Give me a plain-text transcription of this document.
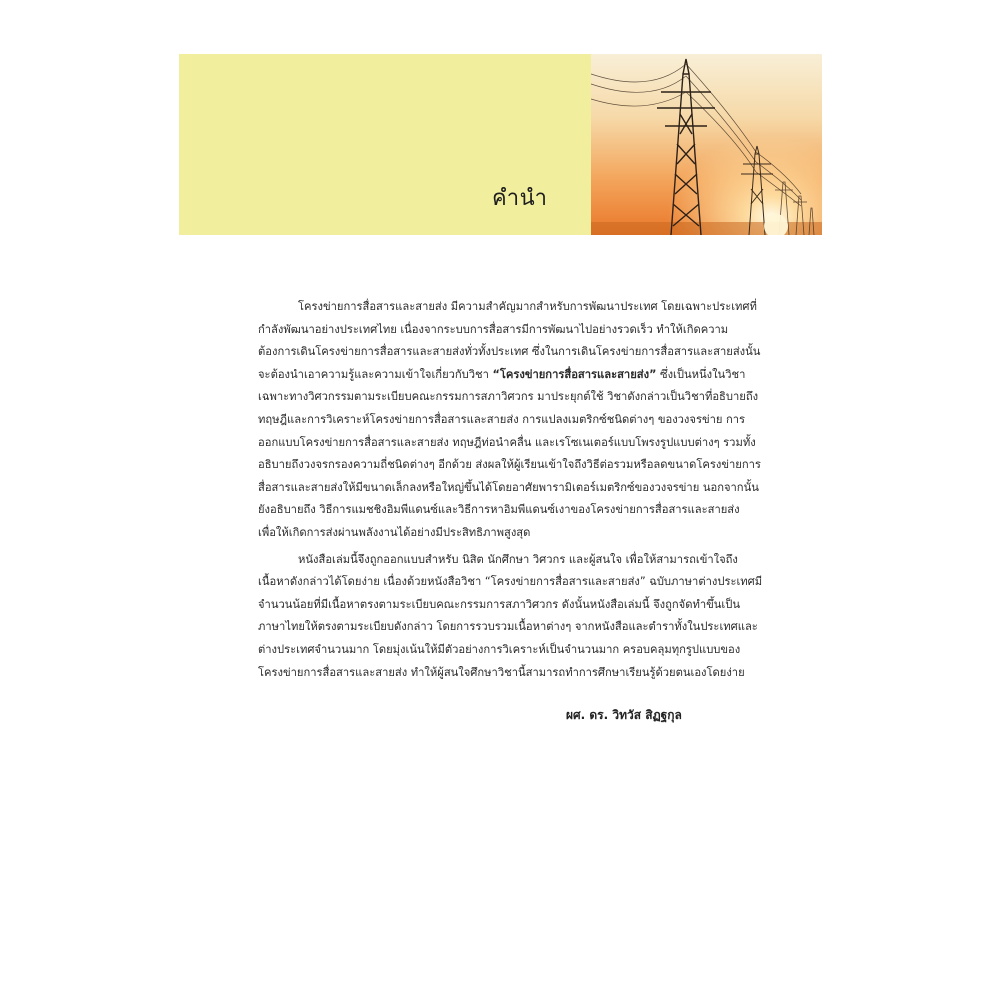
คำนำ

โครงข่ายการสื่อสารและสายส่ง มีความสำคัญมากสำหรับการพัฒนาประเทศ โดยเฉพาะประเทศที่
กำลังพัฒนาอย่างประเทศไทย เนื่องจากระบบการสื่อสารมีการพัฒนาไปอย่างรวดเร็ว ทำให้เกิดความ
ต้องการเดินโครงข่ายการสื่อสารและสายส่งทั่วทั้งประเทศ ซึ่งในการเดินโครงข่ายการสื่อสารและสายส่งนั้น
จะต้องนำเอาความรู้และความเข้าใจเกี่ยวกับวิชา “โครงข่ายการสื่อสารและสายส่ง” ซึ่งเป็นหนึ่งในวิชา
เฉพาะทางวิศวกรรมตามระเบียบคณะกรรมการสภาวิศวกร มาประยุกต์ใช้ วิชาดังกล่าวเป็นวิชาที่อธิบายถึง
ทฤษฎีและการวิเคราะห์โครงข่ายการสื่อสารและสายส่ง การแปลงเมตริกซ์ชนิดต่างๆ ของวงจรข่าย การ
ออกแบบโครงข่ายการสื่อสารและสายส่ง ทฤษฎีท่อนำคลื่น และเรโซเนเตอร์แบบโพรงรูปแบบต่างๆ รวมทั้ง
อธิบายถึงวงจรกรองความถี่ชนิดต่างๆ อีกด้วย ส่งผลให้ผู้เรียนเข้าใจถึงวิธีต่อรวมหรือลดขนาดโครงข่ายการ
สื่อสารและสายส่งให้มีขนาดเล็กลงหรือใหญ่ขึ้นได้โดยอาศัยพารามิเตอร์เมตริกซ์ของวงจรข่าย นอกจากนั้น
ยังอธิบายถึง วิธีการแมชชิงอิมพีแดนซ์และวิธีการหาอิมพีแดนซ์เงาของโครงข่ายการสื่อสารและสายส่ง
เพื่อให้เกิดการส่งผ่านพลังงานได้อย่างมีประสิทธิภาพสูงสุด

หนังสือเล่มนี้จึงถูกออกแบบสำหรับ นิสิต นักศึกษา วิศวกร และผู้สนใจ เพื่อให้สามารถเข้าใจถึง
เนื้อหาดังกล่าวได้โดยง่าย เนื่องด้วยหนังสือวิชา “โครงข่ายการสื่อสารและสายส่ง” ฉบับภาษาต่างประเทศมี
จำนวนน้อยที่มีเนื้อหาตรงตามระเบียบคณะกรรมการสภาวิศวกร ดังนั้นหนังสือเล่มนี้ จึงถูกจัดทำขึ้นเป็น
ภาษาไทยให้ตรงตามระเบียบดังกล่าว โดยการรวบรวมเนื้อหาต่างๆ จากหนังสือและตำราทั้งในประเทศและ
ต่างประเทศจำนวนมาก โดยมุ่งเน้นให้มีตัวอย่างการวิเคราะห์เป็นจำนวนมาก ครอบคลุมทุกรูปแบบของ
โครงข่ายการสื่อสารและสายส่ง ทำให้ผู้สนใจศึกษาวิชานี้สามารถทำการศึกษาเรียนรู้ด้วยตนเองโดยง่าย

ผศ. ดร. วิทวัส สิฏฐกุล
